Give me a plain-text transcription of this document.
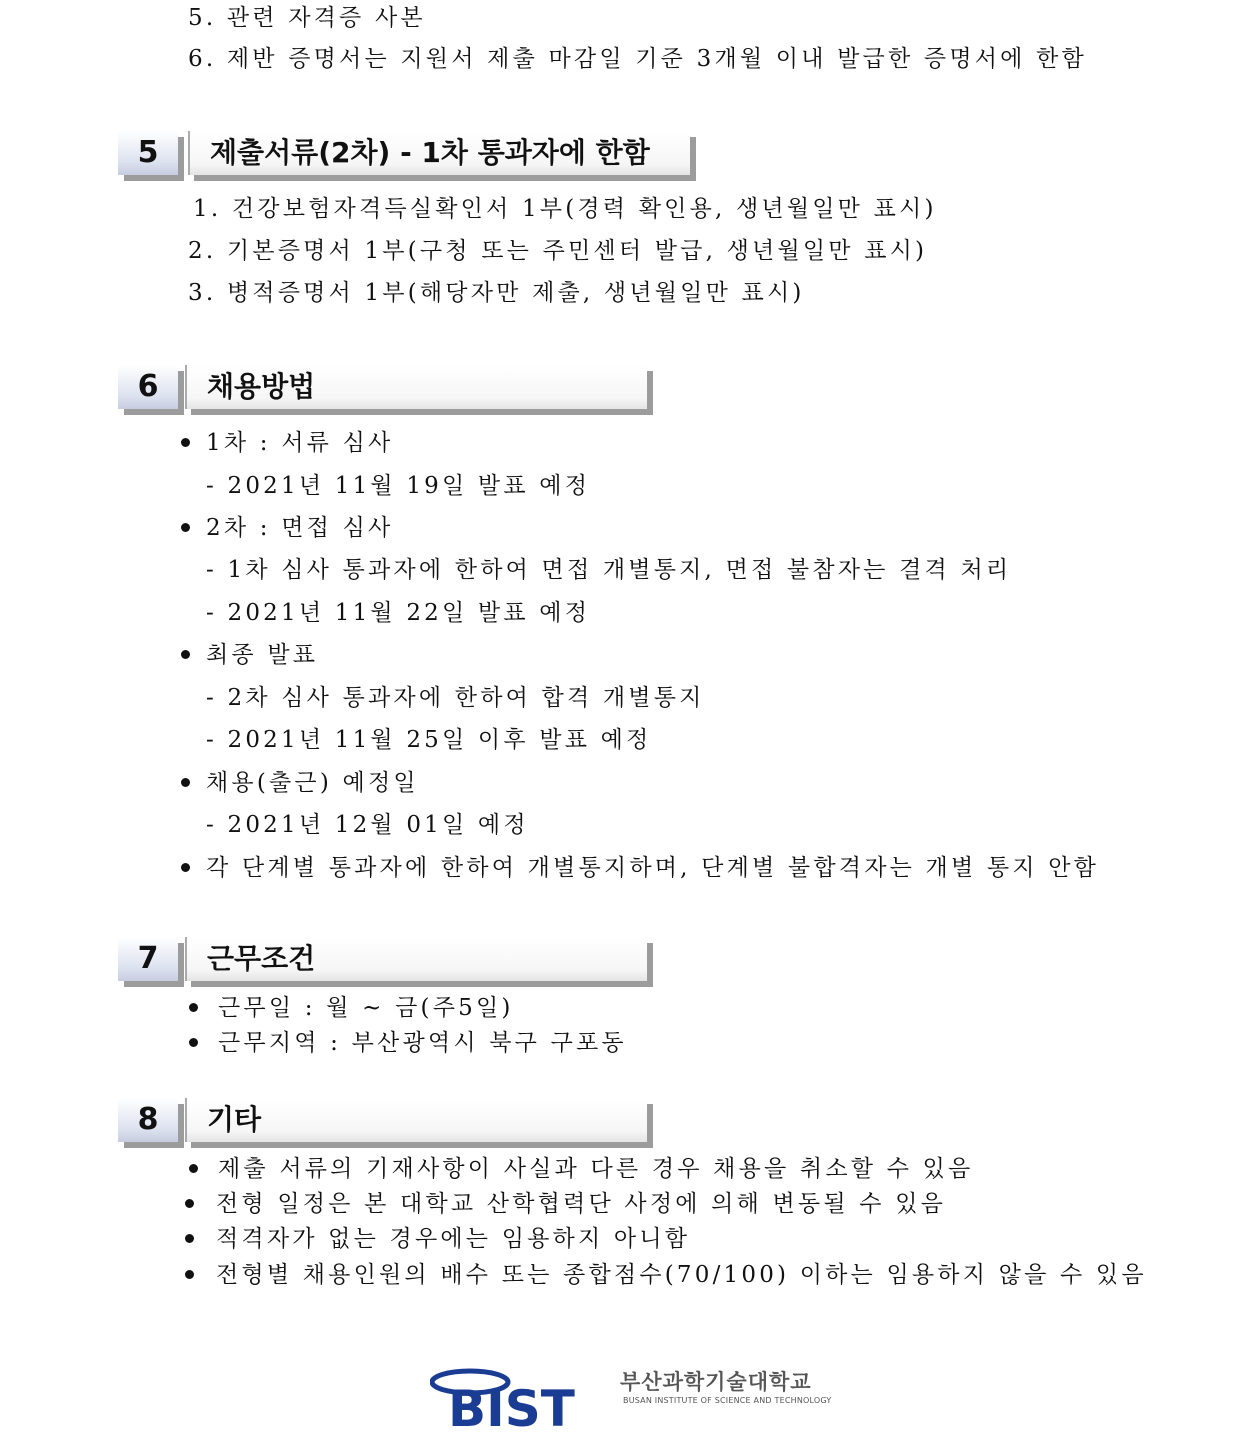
5. 관련 자격증 사본
6. 제반 증명서는 지원서 제출 마감일 기준 3개월 이내 발급한 증명서에 한함
5	제출서류(2차) - 1차 통과자에 한함
1. 건강보험자격득실확인서 1부(경력 확인용, 생년월일만 표시)
2. 기본증명서 1부(구청 또는 주민센터 발급, 생년월일만 표시)
3. 병적증명서 1부(해당자만 제출, 생년월일만 표시)
6	채용방법
1차 : 서류 심사
- 2021년 11월 19일 발표 예정
2차 : 면접 심사
- 1차 심사 통과자에 한하여 면접 개별통지, 면접 불참자는 결격 처리
- 2021년 11월 22일 발표 예정
최종 발표
- 2차 심사 통과자에 한하여 합격 개별통지
- 2021년 11월 25일 이후 발표 예정
채용(출근) 예정일
- 2021년 12월 01일 예정
각 단계별 통과자에 한하여 개별통지하며, 단계별 불합격자는 개별 통지 안함
7	근무조건
근무일 : 월 ~ 금(주5일)
근무지역 : 부산광역시 북구 구포동
8	기타
제출 서류의 기재사항이 사실과 다른 경우 채용을 취소할 수 있음
전형 일정은 본 대학교 산학협력단 사정에 의해 변동될 수 있음
적격자가 없는 경우에는 임용하지 아니함
전형별 채용인원의 배수 또는 종합점수(70/100) 이하는 임용하지 않을 수 있음
BIST 부산과학기술대학교
BUSAN INSTITUTE OF SCIENCE AND TECHNOLOGY
